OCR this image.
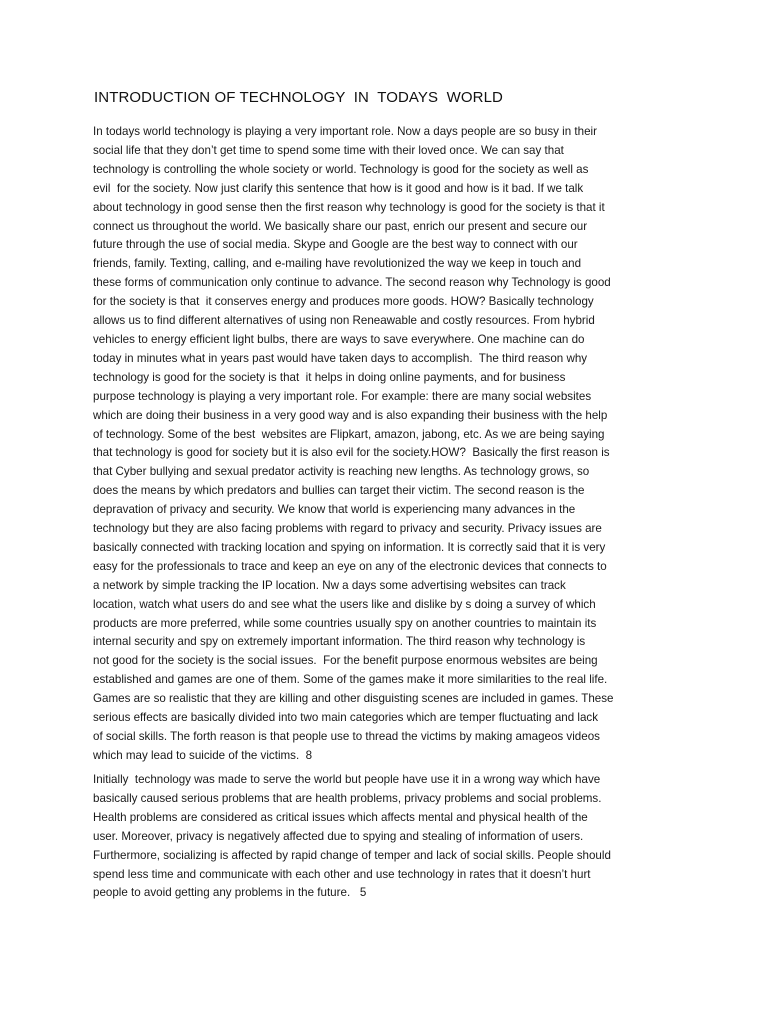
INTRODUCTION OF TECHNOLOGY  IN  TODAYS  WORLD

In todays world technology is playing a very important role. Now a days people are so busy in their
social life that they don’t get time to spend some time with their loved once. We can say that
technology is controlling the whole society or world. Technology is good for the society as well as
evil  for the society. Now just clarify this sentence that how is it good and how is it bad. If we talk
about technology in good sense then the first reason why technology is good for the society is that it
connect us throughout the world. We basically share our past, enrich our present and secure our
future through the use of social media. Skype and Google are the best way to connect with our
friends, family. Texting, calling, and e-mailing have revolutionized the way we keep in touch and
these forms of communication only continue to advance. The second reason why Technology is good
for the society is that  it conserves energy and produces more goods. HOW? Basically technology
allows us to find different alternatives of using non Reneawable and costly resources. From hybrid
vehicles to energy efficient light bulbs, there are ways to save everywhere. One machine can do
today in minutes what in years past would have taken days to accomplish.  The third reason why
technology is good for the society is that  it helps in doing online payments, and for business
purpose technology is playing a very important role. For example: there are many social websites
which are doing their business in a very good way and is also expanding their business with the help
of technology. Some of the best  websites are Flipkart, amazon, jabong, etc. As we are being saying
that technology is good for society but it is also evil for the society.HOW?  Basically the first reason is
that Cyber bullying and sexual predator activity is reaching new lengths. As technology grows, so
does the means by which predators and bullies can target their victim. The second reason is the
depravation of privacy and security. We know that world is experiencing many advances in the
technology but they are also facing problems with regard to privacy and security. Privacy issues are
basically connected with tracking location and spying on information. It is correctly said that it is very
easy for the professionals to trace and keep an eye on any of the electronic devices that connects to
a network by simple tracking the IP location. Nw a days some advertising websites can track
location, watch what users do and see what the users like and dislike by s doing a survey of which
products are more preferred, while some countries usually spy on another countries to maintain its
internal security and spy on extremely important information. The third reason why technology is
not good for the society is the social issues.  For the benefit purpose enormous websites are being
established and games are one of them. Some of the games make it more similarities to the real life.
Games are so realistic that they are killing and other disguisting scenes are included in games. These
serious effects are basically divided into two main categories which are temper fluctuating and lack
of social skills. The forth reason is that people use to thread the victims by making amageos videos
which may lead to suicide of the victims.  8

Initially  technology was made to serve the world but people have use it in a wrong way which have
basically caused serious problems that are health problems, privacy problems and social problems.
Health problems are considered as critical issues which affects mental and physical health of the
user. Moreover, privacy is negatively affected due to spying and stealing of information of users.
Furthermore, socializing is affected by rapid change of temper and lack of social skills. People should
spend less time and communicate with each other and use technology in rates that it doesn’t hurt
people to avoid getting any problems in the future.   5
